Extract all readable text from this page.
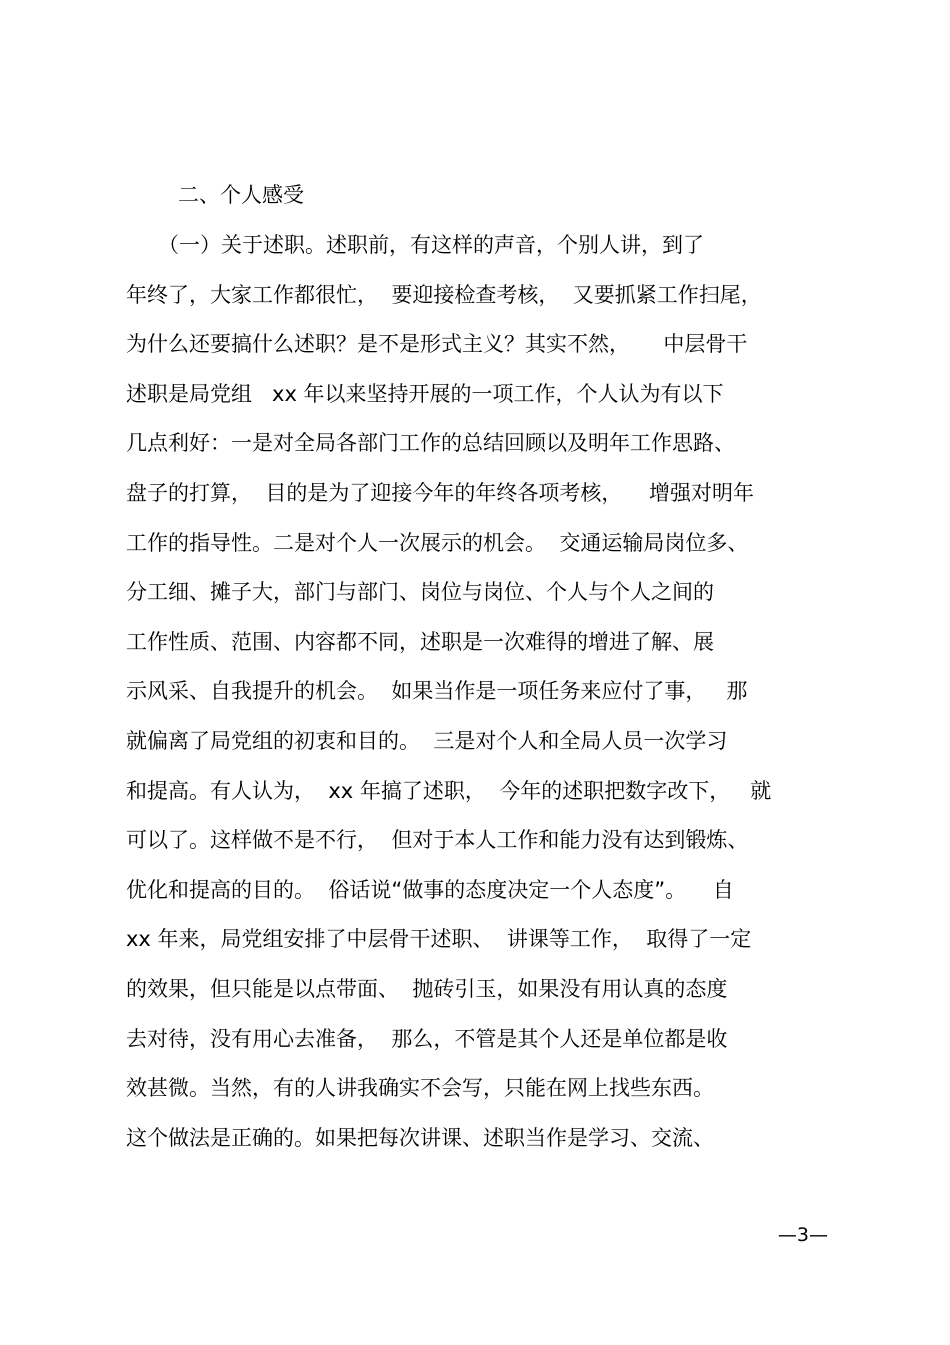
二、个人感受
（一）关于述职。述职前，有这样的声音，个别人讲，到了
年终了，大家工作都很忙，  要迎接检查考核，  又要抓紧工作扫尾，
为什么还要搞什么述职？是不是形式主义？其实不然，     中层骨干
述职是局党组   xx 年以来坚持开展的一项工作，个人认为有以下
几点利好：一是对全局各部门工作的总结回顾以及明年工作思路、
盘子的打算，  目的是为了迎接今年的年终各项考核，    增强对明年
工作的指导性。二是对个人一次展示的机会。  交通运输局岗位多、
分工细、摊子大，部门与部门、岗位与岗位、个人与个人之间的
工作性质、范围、内容都不同，述职是一次难得的增进了解、展
示风采、自我提升的机会。  如果当作是一项任务来应付了事，   那
就偏离了局党组的初衷和目的。  三是对个人和全局人员一次学习
和提高。有人认为，  xx 年搞了述职，  今年的述职把数字改下，   就
可以了。这样做不是不行，  但对于本人工作和能力没有达到锻炼、
优化和提高的目的。  俗话说“做事的态度决定一个人态度”。    自
xx 年来，局党组安排了中层骨干述职、  讲课等工作，  取得了一定
的效果，但只能是以点带面、  抛砖引玉，如果没有用认真的态度
去对待，没有用心去准备，  那么，不管是其个人还是单位都是收
效甚微。当然，有的人讲我确实不会写，只能在网上找些东西。
这个做法是正确的。如果把每次讲课、述职当作是学习、交流、
—3—
